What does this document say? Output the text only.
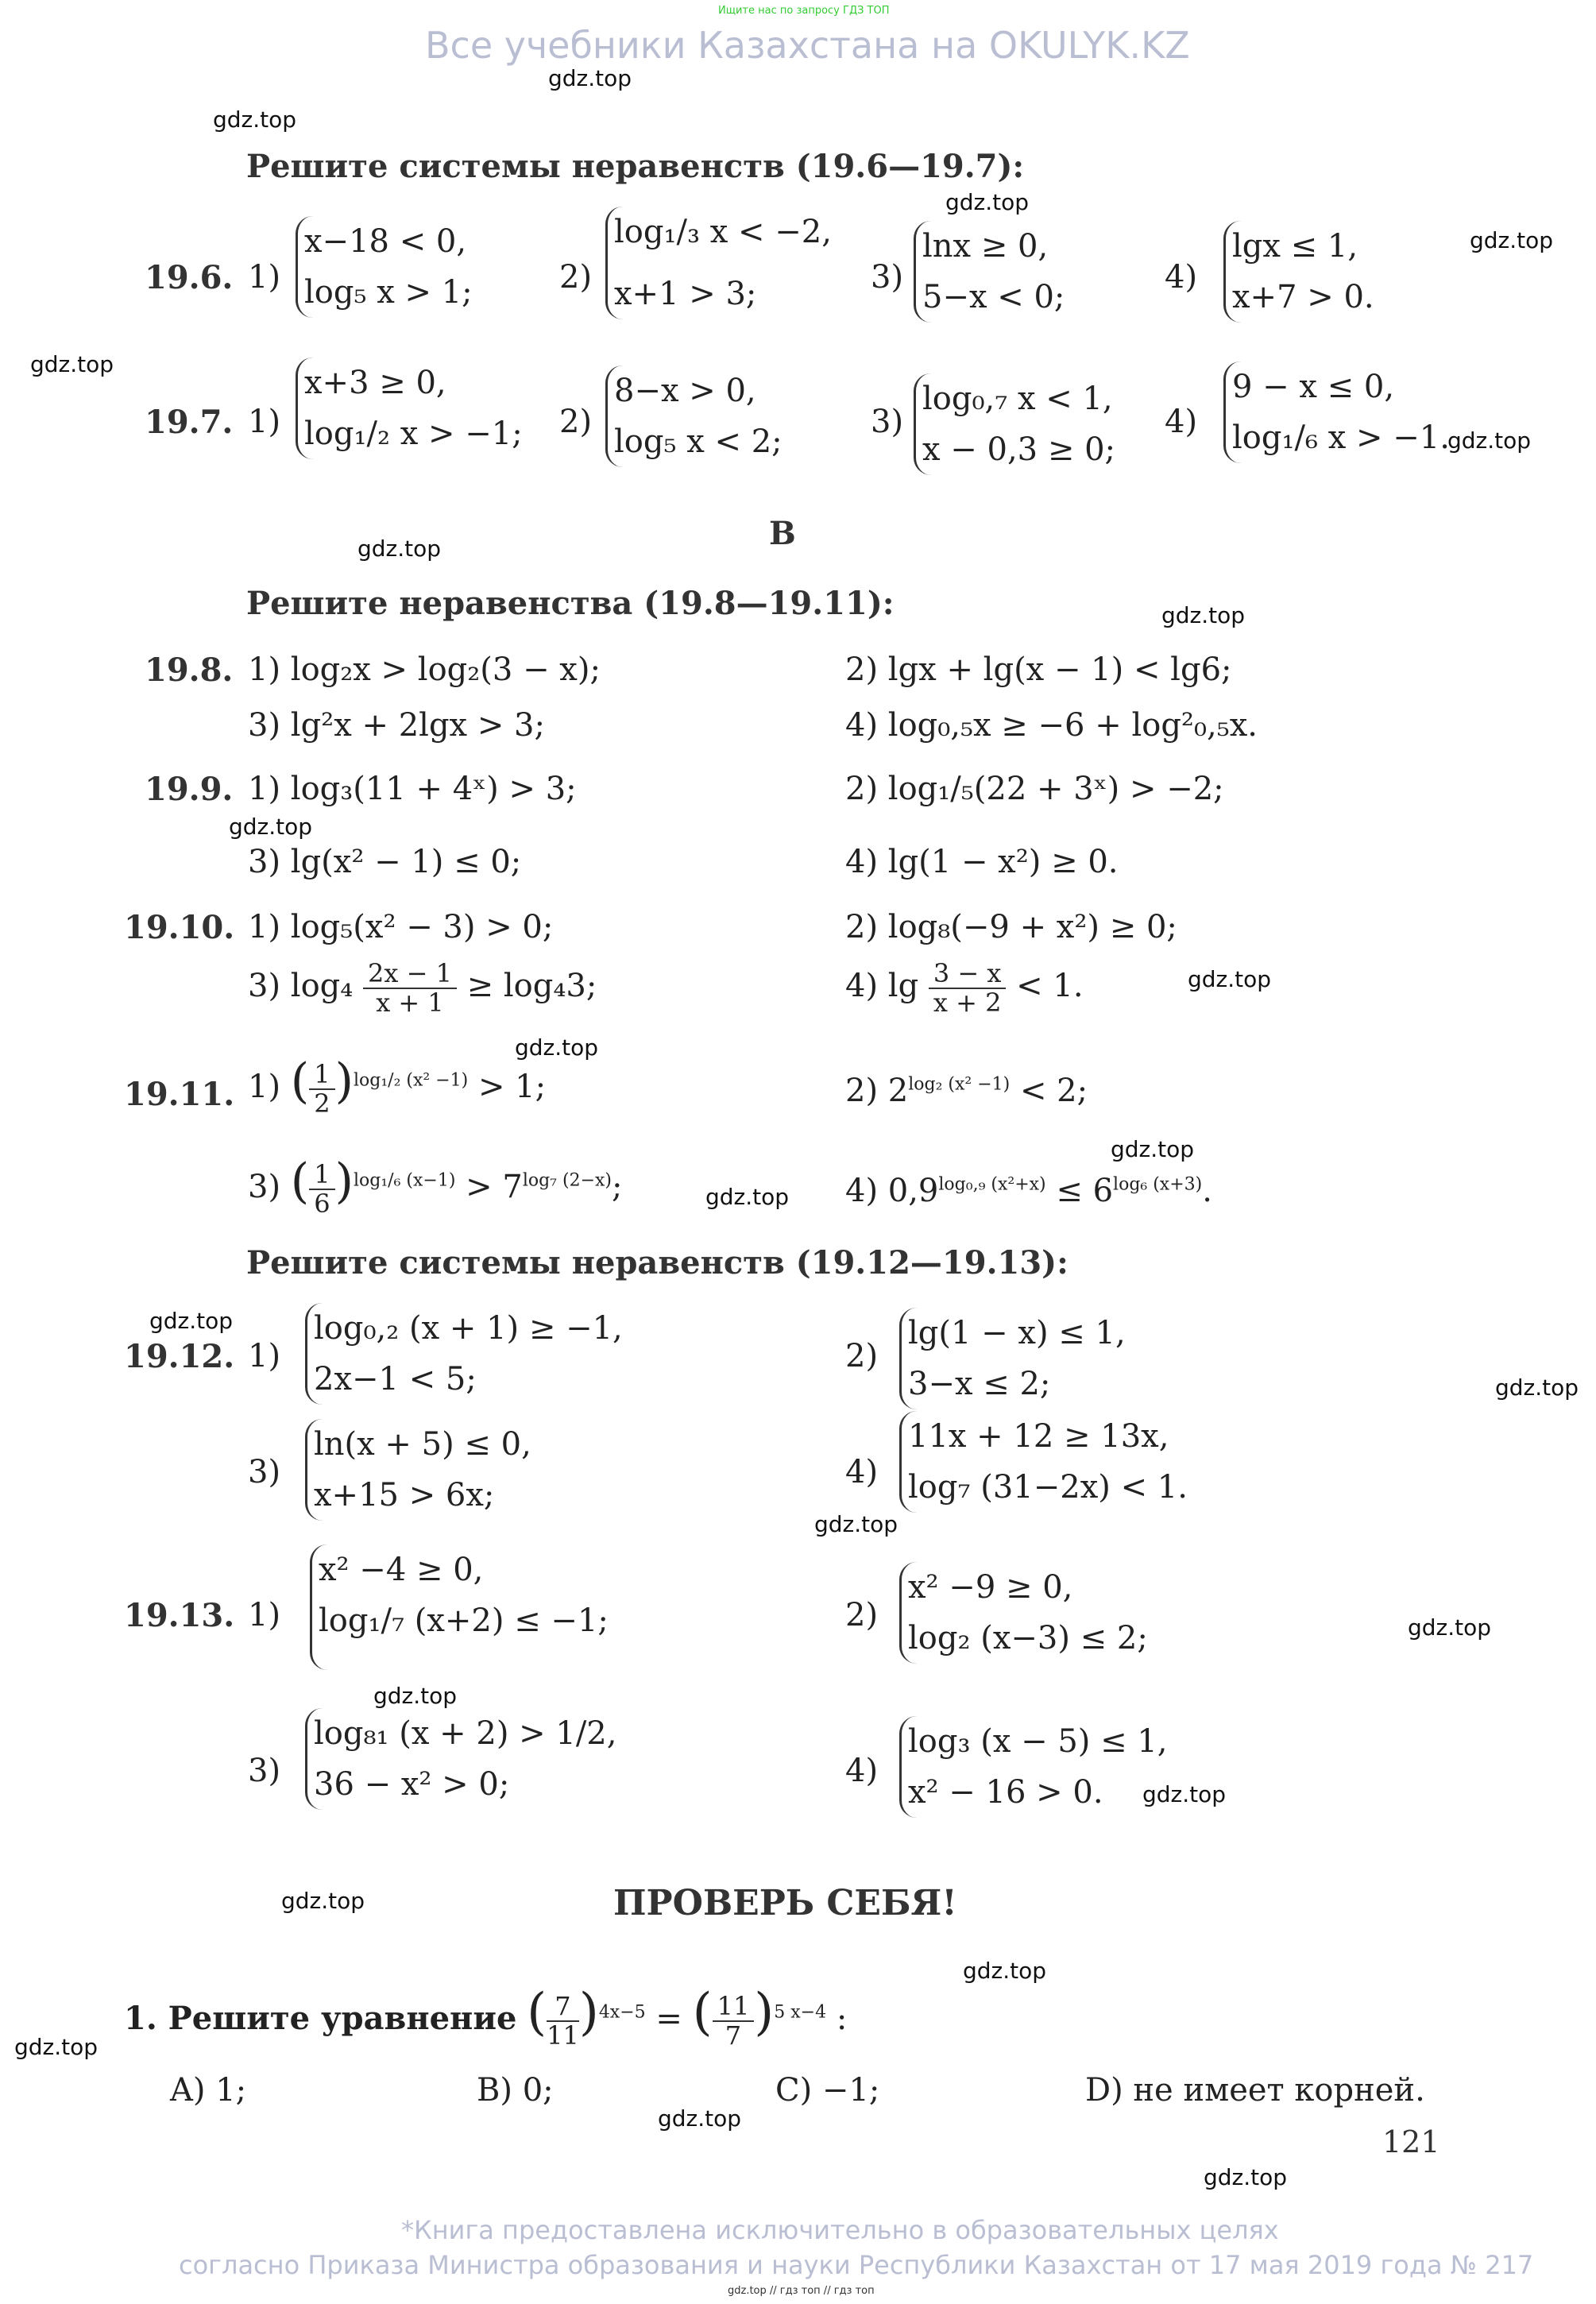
Ищите нас по запросу ГДЗ ТОП
Все учебники Казахстана на OKULYK.KZ
gdz.top
gdz.top
gdz.top
gdz.top
gdz.top
gdz.top
gdz.top
gdz.top
gdz.top
gdz.top
gdz.top
gdz.top
gdz.top
gdz.top
gdz.top
gdz.top
gdz.top
gdz.top
gdz.top
gdz.top
gdz.top
gdz.top
gdz.top
gdz.top
Решите системы неравенств (19.6—19.7):
19.6. 1)
x−18 < 0,
log₅ x > 1;	2)
log₁/₃ x < −2,
x+1 > 3;	3)
lnx ≥ 0,
5−x < 0;
4)
lgx ≤ 1,
x+7 > 0.
19.7. 1)
x+3 ≥ 0,
log₁/₂ x > −1; 2)
8−x > 0,
log₅ x < 2;
3)
log₀,₇ x < 1,
x − 0,3 ≥ 0;
4)
9 − x ≤ 0,
log₁/₆ x > −1.
B
Решите неравенства (19.8—19.11):
19.8. 1) log₂x > log₂(3 − x);	2) lgx + lg(x − 1) < lg6;
3) lg²x + 2lgx > 3;	4) log₀,₅x ≥ −6 + log²₀,₅x.
19.9. 1) log₃(11 + 4ˣ) > 3;	2) log₁/₅(22 + 3ˣ) > −2;
3) lg(x² − 1) ≤ 0;	4) lg(1 − x²) ≥ 0.
19.10. 1) log₅(x² − 3) > 0;	2) log₈(−9 + x²) ≥ 0;
3) $\log_4 \frac{2x - 1}{x + 1} \ge \log_43$;	4) $\lg \frac{3 - x}{x + 2} < 1$.
19.11. 1) ( $\frac{1}{2} )^{log_1/_2 (x^2 -1)} > 1$;	2) $2^{log_2 (x^2 -1)} < 2$;
3) ( $\frac{1}{6} )^{log_1/_6 (x-1)} > 7^{log_7 (2-x)}$;	4) $0,9^{log_0,_9 (x^2+x)} \le 6^{log_6 (x+3)}$.
Решите системы неравенств (19.12—19.13):
19.12. 1)
log₀,₂ (x + 1) ≥ −1,
2x−1 < 5;
2)
lg(1 − x) ≤ 1,
3−x ≤ 2;
3)
ln(x + 5) ≤ 0,
x+15 > 6x;
4)
11x + 12 ≥ 13x,
log₇ (31−2x) < 1.
19.13. 1)
x² −4 ≥ 0,
log₁/₇ (x+2) ≤ −1;	2)
x² −9 ≥ 0,
log₂ (x−3) ≤ 2;
3)
log₈₁ (x + 2) > 1/2,
36 − x² > 0;	4)
log₃ (x − 5) ≤ 1,
x² − 16 > 0.
ПРОВЕРЬ СЕБЯ!
1. Решите уравнение ( $\frac{7}{11} )^{4x-5}$ = ( $\frac{11}{7} )^{5 x-4}$ :
A) 1;	B) 0;	C) −1;	D) не имеет корней.
121
*Книга предоставлена исключительно в образовательных целях
согласно Приказа Министра образования и науки Республики Казахстан от 17 мая 2019 года № 217
gdz.top // гдз топ // гдз топ
